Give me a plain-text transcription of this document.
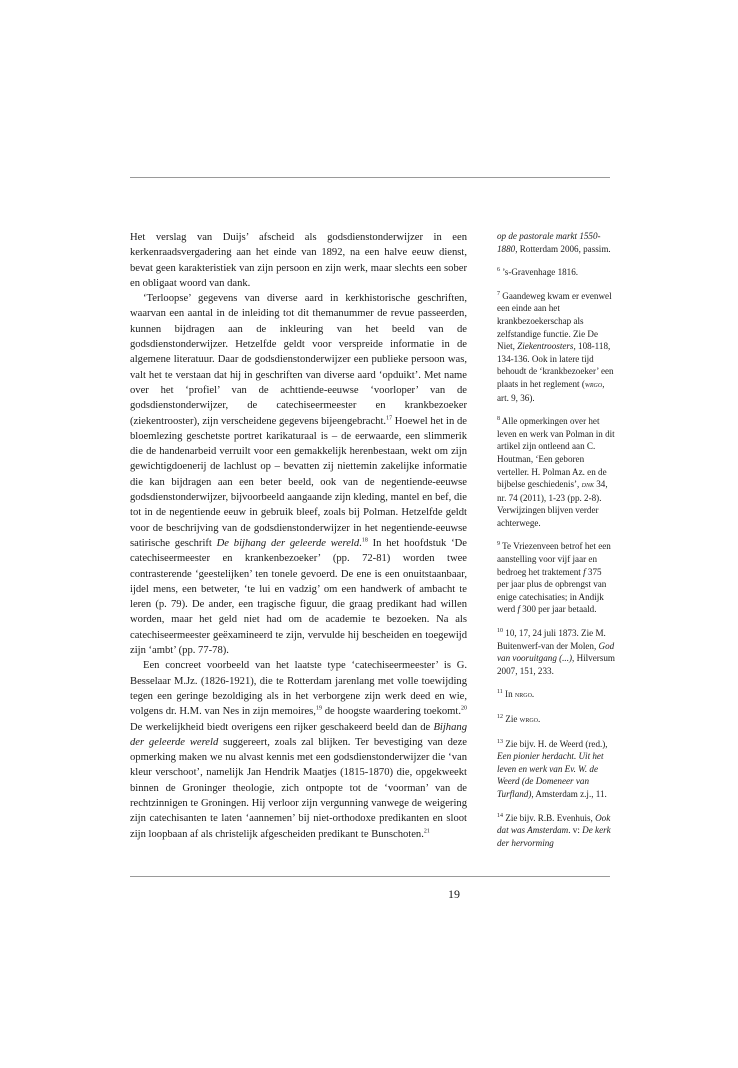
Het verslag van Duijs’ afscheid als godsdienstonderwijzer in een kerkenraadsvergadering aan het einde van 1892, na een halve eeuw dienst, bevat geen karakteristiek van zijn persoon en zijn werk, maar slechts een sober en obligaat woord van dank.

‘Terloopse’ gegevens van diverse aard in kerkhistorische geschriften, waarvan een aantal in de inleiding tot dit themanummer de revue passeerden, kunnen bijdragen aan de inkleuring van het beeld van de godsdienstonderwijzer. Hetzelfde geldt voor verspreide informatie in de algemene literatuur. Daar de godsdienstonderwijzer een publieke persoon was, valt het te verstaan dat hij in geschriften van diverse aard ‘opduikt’. Met name over het ‘profiel’ van de achttiende-eeuwse ‘voorloper’ van de godsdienstonderwijzer, de catechiseermeester en krankbezoeker (ziekentrooster), zijn verscheidene gegevens bijeengebracht.$^{17}$ Hoewel het in de bloemlezing geschetste portret karikaturaal is – de eerwaarde, een slimmerik die de handenarbeid verruilt voor een gemakkelijk herenbestaan, wekt om zijn gewichtigdoenerij de lachlust op – bevatten zij niettemin zakelijke informatie die kan bijdragen aan een beter beeld, ook van de negentiende-eeuwse godsdienstonderwijzer, bijvoorbeeld aangaande zijn kleding, mantel en bef, die tot in de negentiende eeuw in gebruik bleef, zoals bij Polman. Hetzelfde geldt voor de beschrijving van de godsdienstonderwijzer in het negentiende-eeuwse satirische geschrift De bijhang der geleerde wereld.$^{18}$ In het hoofdstuk ‘De catechiseermeester en krankenbezoeker’ (pp. 72-81) worden twee contrasterende ‘geestelijken’ ten tonele gevoerd. De ene is een onuitstaanbaar, ijdel mens, een betweter, ‘te lui en vadzig’ om een handwerk of ambacht te leren (p. 79). De ander, een tragische figuur, die graag predikant had willen worden, maar het geld niet had om de academie te bezoeken. Na als catechiseermeester geëxamineerd te zijn, vervulde hij bescheiden en toegewijd zijn ‘ambt’ (pp. 77-78).

Een concreet voorbeeld van het laatste type ‘catechiseermeester’ is G. Besselaar M.Jz. (1826-1921), die te Rotterdam jarenlang met volle toewijding tegen een geringe bezoldiging als in het verborgene zijn werk deed en wie, volgens dr. H.M. van Nes in zijn memoires,$^{19}$ de hoogste waardering toekomt.$^{20}$ De werkelijkheid biedt overigens een rijker geschakeerd beeld dan de Bijhang der geleerde wereld suggereert, zoals zal blijken. Ter bevestiging van deze opmerking maken we nu alvast kennis met een godsdienstonderwijzer die ‘van kleur verschoot’, namelijk Jan Hendrik Maatjes (1815-1870) die, opgekweekt binnen de Groninger theologie, zich ontpopte tot de ‘voorman’ van de rechtzinnigen te Groningen. Hij verloor zijn vergunning vanwege de weigering zijn catechisanten te laten ‘aannemen’ bij niet-orthodoxe predikanten en sloot zijn loopbaan af als christelijk afgescheiden predikant te Bunschoten.$^{21}$

op de pastorale markt 1550-1880, Rotterdam 2006, passim.

$^6$ ’s-Gravenhage 1816.

$^7$ Gaandeweg kwam er evenwel een einde aan het krankbezoekerschap als zelfstandige functie. Zie De Niet, Ziekentroosters, 108-118, 134-136. Ook in latere tijd behoudt de ‘krankbezoeker’ een plaats in het reglement (wrgo, art. 9, 36).

$^8$ Alle opmerkingen over het leven en werk van Polman in dit artikel zijn ontleend aan C. Houtman, ‘Een geboren verteller. H. Polman Az. en de bijbelse geschiedenis’, dnk 34, nr. 74 (2011), 1-23 (pp. 2-8). Verwijzingen blijven verder achterwege.

$^9$ Te Vriezenveen betrof het een aanstelling voor vijf jaar en bedroeg het traktement f 375 per jaar plus de opbrengst van enige catechisaties; in Andijk werd f 300 per jaar betaald.

$^{10}$ 10, 17, 24 juli 1873. Zie M. Buitenwerf-van der Molen, God van vooruitgang (...), Hilversum 2007, 151, 233.

$^{11}$ In nrgo.

$^{12}$ Zie wrgo.

$^{13}$ Zie bijv. H. de Weerd (red.), Een pionier herdacht. Uit het leven en werk van Ev. W. de Weerd (de Domeneer van Turfland), Amsterdam z.j., 11.

$^{14}$ Zie bijv. R.B. Evenhuis, Ook dat was Amsterdam. v: De kerk der hervorming

19
